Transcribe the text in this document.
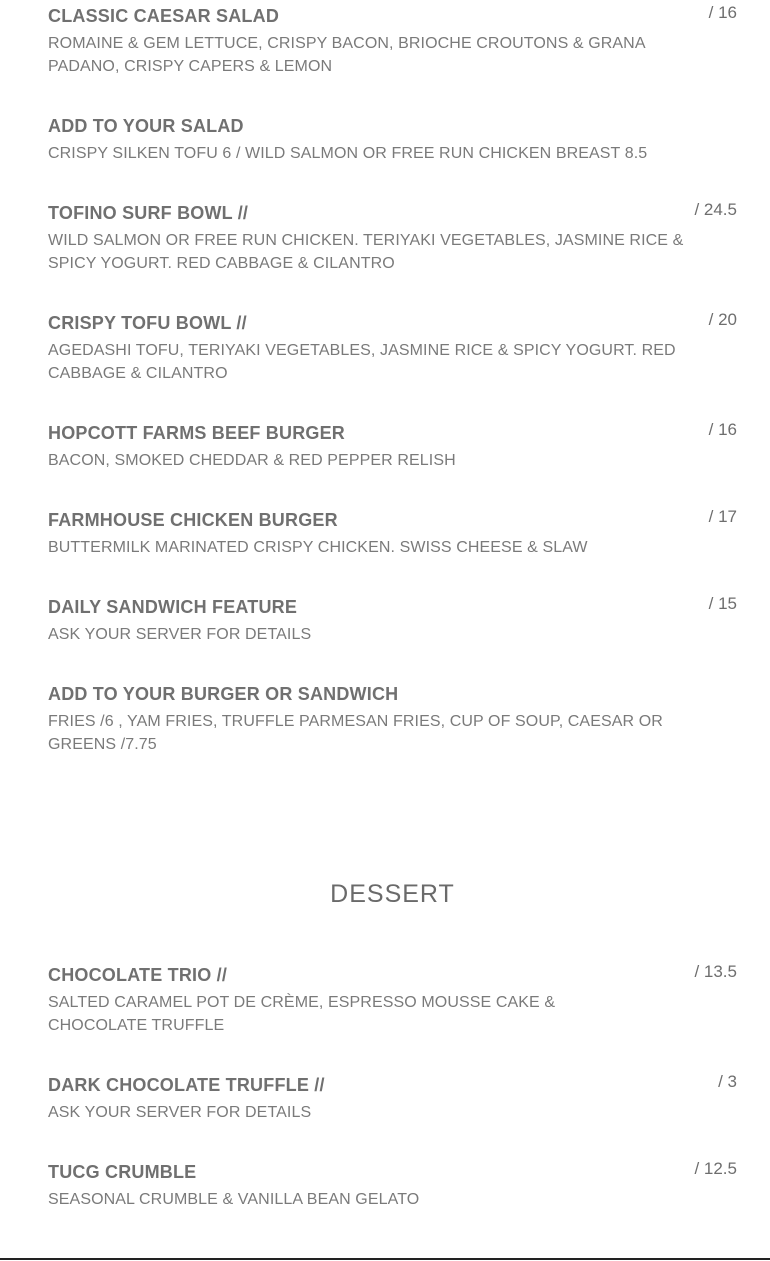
CLASSIC CAESAR SALAD	/ 16
ROMAINE & GEM LETTUCE, CRISPY BACON, BRIOCHE CROUTONS & GRANA PADANO, CRISPY CAPERS & LEMON
ADD TO YOUR SALAD
CRISPY SILKEN TOFU 6 / WILD SALMON OR FREE RUN CHICKEN BREAST 8.5
TOFINO SURF BOWL //	/ 24.5
WILD SALMON OR FREE RUN CHICKEN. TERIYAKI VEGETABLES, JASMINE RICE & SPICY YOGURT. RED CABBAGE & CILANTRO
CRISPY TOFU BOWL //	/ 20
AGEDASHI TOFU, TERIYAKI VEGETABLES, JASMINE RICE & SPICY YOGURT. RED CABBAGE & CILANTRO
HOPCOTT FARMS BEEF BURGER	/ 16
BACON, SMOKED CHEDDAR & RED PEPPER RELISH
FARMHOUSE CHICKEN BURGER	/ 17
BUTTERMILK MARINATED CRISPY CHICKEN. SWISS CHEESE & SLAW
DAILY SANDWICH FEATURE	/ 15
ASK YOUR SERVER FOR DETAILS
ADD TO YOUR BURGER OR SANDWICH
FRIES /6 , YAM FRIES, TRUFFLE PARMESAN FRIES, CUP OF SOUP, CAESAR OR GREENS /7.75
DESSERT
CHOCOLATE TRIO //	/ 13.5
SALTED CARAMEL POT DE CRÈME, ESPRESSO MOUSSE CAKE & CHOCOLATE TRUFFLE
DARK CHOCOLATE TRUFFLE //	/ 3
ASK YOUR SERVER FOR DETAILS
TUCG CRUMBLE	/ 12.5
SEASONAL CRUMBLE & VANILLA BEAN GELATO
